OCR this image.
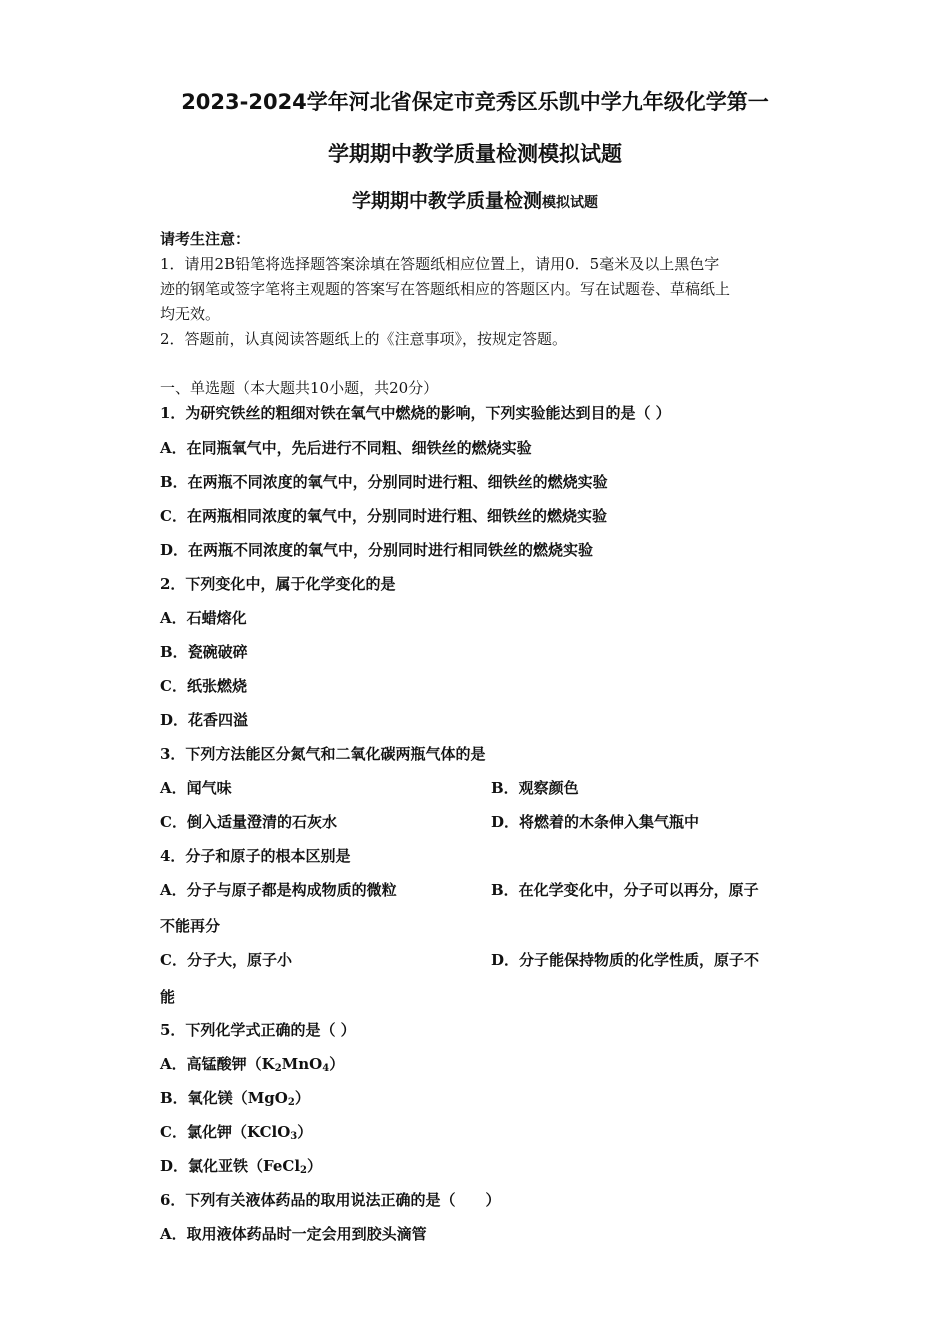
2023-2024学年河北省保定市竞秀区乐凯中学九年级化学第一
学期期中教学质量检测模拟试题
学期期中教学质量检测模拟试题
请考生注意：
1．请用2B铅笔将选择题答案涂填在答题纸相应位置上，请用0．5毫米及以上黑色字
迹的钢笔或签字笔将主观题的答案写在答题纸相应的答题区内。写在试题卷、草稿纸上
均无效。
2．答题前，认真阅读答题纸上的《注意事项》，按规定答题。
一、单选题（本大题共10小题，共20分）
1．为研究铁丝的粗细对铁在氧气中燃烧的影响，下列实验能达到目的是（ ）
A．在同瓶氧气中，先后进行不同粗、细铁丝的燃烧实验
B．在两瓶不同浓度的氧气中，分别同时进行粗、细铁丝的燃烧实验
C．在两瓶相同浓度的氧气中，分别同时进行粗、细铁丝的燃烧实验
D．在两瓶不同浓度的氧气中，分别同时进行相同铁丝的燃烧实验
2．下列变化中，属于化学变化的是
A．石蜡熔化
B．瓷碗破碎
C．纸张燃烧
D．花香四溢
3．下列方法能区分氮气和二氧化碳两瓶气体的是
A．闻气味	B．观察颜色
C．倒入适量澄清的石灰水	D．将燃着的木条伸入集气瓶中
4．分子和原子的根本区别是
A．分子与原子都是构成物质的微粒	B．在化学变化中，分子可以再分，原子
不能再分
C．分子大，原子小	D．分子能保持物质的化学性质，原子不
能
5．下列化学式正确的是（ ）
A．高锰酸钾$(K_2MnO_4)$
B．氧化镁（MgO$_2$）
C．氯化钾（KClO$_3$）
D．氯化亚铁（FeCl$_2$）
6．下列有关液体药品的取用说法正确的是（　　）
A．取用液体药品时一定会用到胶头滴管
